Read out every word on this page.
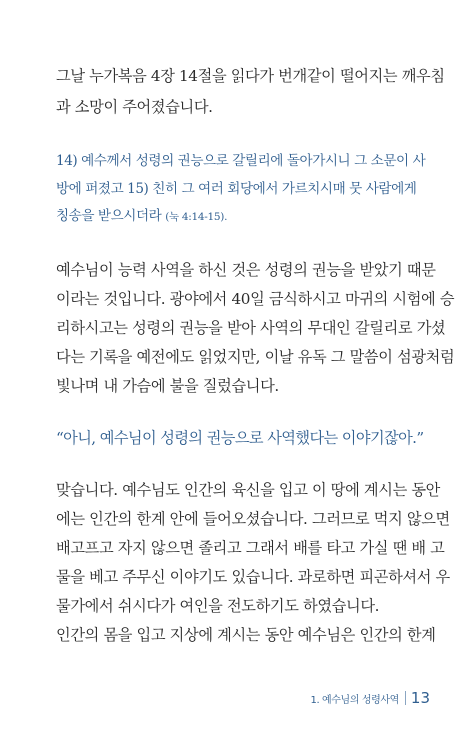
그날 누가복음 4장 14절을 읽다가 번개같이 떨어지는 깨우침
과 소망이 주어졌습니다.
14) 예수께서 성령의 권능으로 갈릴리에 돌아가시니 그 소문이 사
방에 퍼졌고 15) 친히 그 여러 회당에서 가르치시매 뭇 사람에게
칭송을 받으시더라 (눅 4:14-15).
예수님이 능력 사역을 하신 것은 성령의 권능을 받았기 때문
이라는 것입니다. 광야에서 40일 금식하시고 마귀의 시험에 승
리하시고는 성령의 권능을 받아 사역의 무대인 갈릴리로 가셨
다는 기록을 예전에도 읽었지만, 이날 유독 그 말씀이 섬광처럼
빛나며 내 가슴에 불을 질렀습니다.
“아니, 예수님이 성령의 권능으로 사역했다는 이야기잖아.”
맞습니다. 예수님도 인간의 육신을 입고 이 땅에 계시는 동안
에는 인간의 한계 안에 들어오셨습니다. 그러므로 먹지 않으면
배고프고 자지 않으면 졸리고 그래서 배를 타고 가실 땐 배 고
물을 베고 주무신 이야기도 있습니다. 과로하면 피곤하셔서 우
물가에서 쉬시다가 여인을 전도하기도 하였습니다.
인간의 몸을 입고 지상에 계시는 동안 예수님은 인간의 한계
1. 예수님의 성령사역 13
